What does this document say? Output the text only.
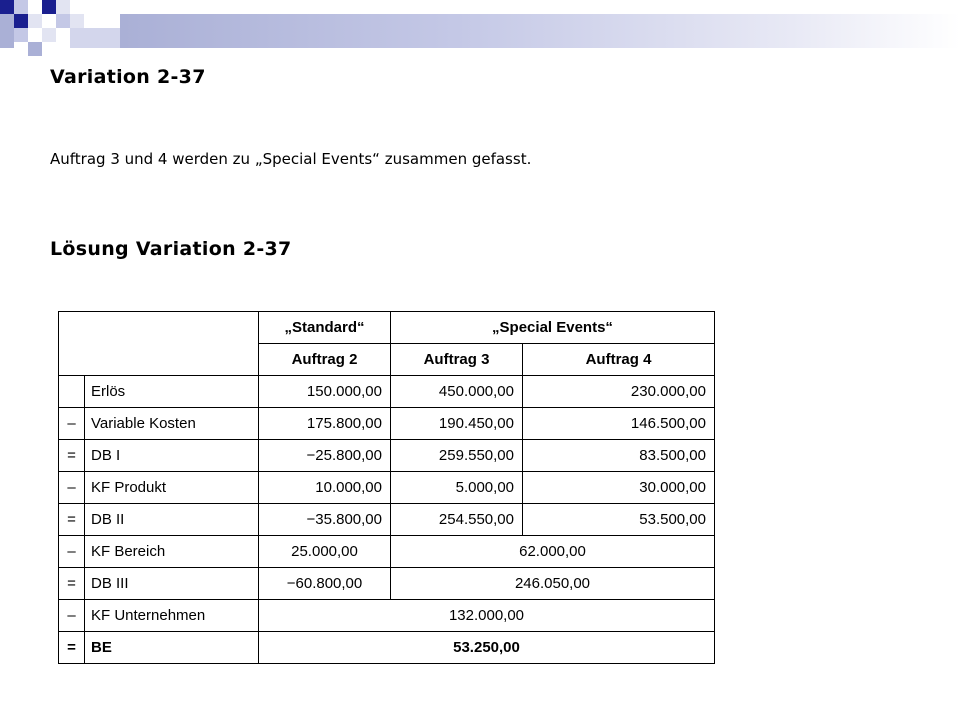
Variation 2-37

Auftrag 3 und 4 werden zu „Special Events“ zusammen gefasst.

Lösung Variation 2-37
		„Standard“	„Special Events“	
		Auftrag 2	Auftrag 3	Auftrag 4
	Erlös	150.000,00	450.000,00	230.000,00
–	Variable Kosten	175.800,00	190.450,00	146.500,00
=	DB I	−25.800,00	259.550,00	83.500,00
–	KF Produkt	10.000,00	5.000,00	30.000,00
=	DB II	−35.800,00	254.550,00	53.500,00
–	KF Bereich	25.000,00	62.000,00	
=	DB III	−60.800,00	246.050,00	
–	KF Unternehmen	132.000,00		
=	BE	53.250,00		
